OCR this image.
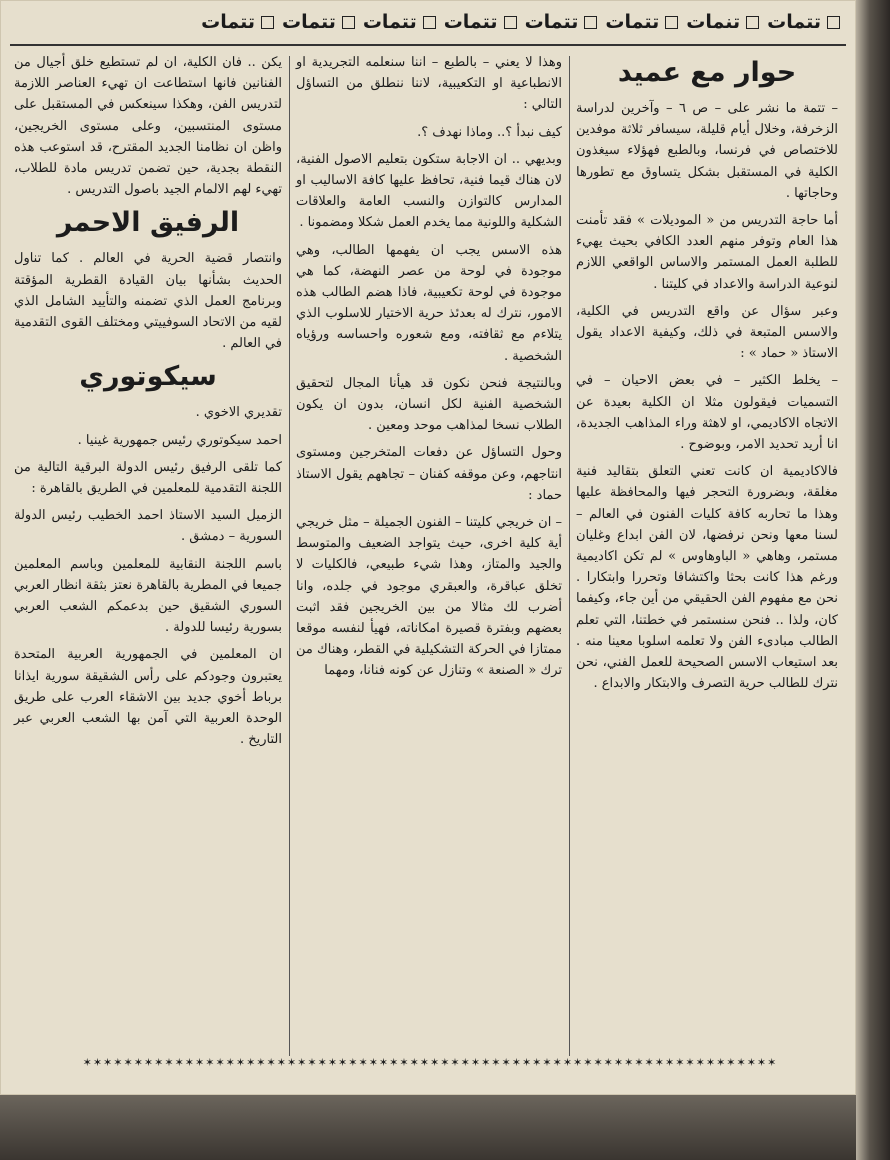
تتمات
تنمات
تتمات
تتمات
تتمات
تتمات
تتمات
تتمات
حوار مع عميد

– تتمة ما نشر على – ص ٦ – وآخرين لدراسة الزخرفة، وخلال أيام قليلة، سيسافر ثلاثة موفدين للاختصاص في فرنسا، وبالطبع فهؤلاء سيغذون الكلية في المستقبل بشكل يتساوق مع تطورها وحاجاتها .

أما حاجة التدريس من « الموديلات » فقد تأمنت هذا العام وتوفر منهم العدد الكافي بحيث يهيء للطلبة العمل المستمر والاساس الواقعي اللازم لنوعية الدراسة والاعداد في كليتنا .

وعبر سؤال عن واقع التدريس في الكلية، والاسس المتبعة في ذلك، وكيفية الاعداد يقول الاستاذ « حماد » :

– يخلط الكثير – في بعض الاحيان – في التسميات فيقولون مثلا ان الكلية بعيدة عن الاتجاه الاكاديمي، او لاهثة وراء المذاهب الجديدة، انا أريد تحديد الامر، وبوضوح .

فالاكاديمية ان كانت تعني التعلق بتقاليد فنية مغلقة، وبضرورة التحجر فيها والمحافظة عليها وهذا ما تحاربه كافة كليات الفنون في العالم – لسنا معها ونحن نرفضها، لان الفن ابداع وغليان مستمر، وهاهي « الباوهاوس » لم تكن اكاديمية ورغم هذا كانت بحثا واكتشافا وتحررا وابتكارا . نحن مع مفهوم الفن الحقيقي من أين جاء، وكيفما كان، ولذا .. فنحن سنستمر في خطتنا، التي تعلم الطالب مبادىء الفن ولا تعلمه اسلوبا معينا منه . بعد استيعاب الاسس الصحيحة للعمل الفني، نحن نترك للطالب حرية التصرف والابتكار والابداع .

وهذا لا يعني – بالطبع – اننا سنعلمه التجريدية او الانطباعية او التكعيبية، لاننا ننطلق من التساؤل التالي :

كيف نبدأ ؟.. وماذا نهدف ؟.

وبديهي .. ان الاجابة ستكون بتعليم الاصول الفنية، لان هناك قيما فنية، تحافظ عليها كافة الاساليب او المدارس كالتوازن والنسب العامة والعلاقات الشكلية واللونية مما يخدم العمل شكلا ومضمونا .

هذه الاسس يجب ان يفهمها الطالب، وهي موجودة في لوحة من عصر النهضة، كما هي موجودة في لوحة تكعيبية، فاذا هضم الطالب هذه الامور، نترك له بعدئذ حرية الاختيار للاسلوب الذي يتلاءم مع ثقافته، ومع شعوره واحساسه ورؤياه الشخصية .

وبالنتيجة فنحن نكون قد هيأنا المجال لتحقيق الشخصية الفنية لكل انسان، بدون ان يكون الطلاب نسخا لمذاهب موحد ومعين .

وحول التساؤل عن دفعات المتخرجين ومستوى انتاجهم، وعن موقفه كفنان – تجاههم يقول الاستاذ حماد :

– ان خريجي كليتنا – الفنون الجميلة – مثل خريجي أية كلية اخرى، حيث يتواجد الضعيف والمتوسط والجيد والمتاز، وهذا شيء طبيعي، فالكليات لا تخلق عباقرة، والعبقري موجود في جلده، وانا أضرب لك مثالا من بين الخريجين فقد اثبت بعضهم وبفترة قصيرة امكاناته، فهيأ لنفسه موقعا ممتازا في الحركة التشكيلية في القطر، وهناك من ترك « الصنعة » وتنازل عن كونه فنانا، ومهما

يكن .. فان الكلية، ان لم تستطيع خلق أجيال من الفنانين فانها استطاعت ان تهيء العناصر اللازمة لتدريس الفن، وهكذا سينعكس في المستقبل على مستوى المنتسبين، وعلى مستوى الخريجين، واظن ان نظامنا الجديد المقترح، قد استوعب هذه النقطة بجدية، حين تضمن تدريس مادة للطلاب، تهيء لهم الالمام الجيد باصول التدريس .

الرفيق الاحمر

وانتصار قضية الحرية في العالم . كما تناول الحديث بشأنها بيان القيادة القطرية المؤقتة وبرنامج العمل الذي تضمنه والتأييد الشامل الذي لقيه من الاتحاد السوفييتي ومختلف القوى التقدمية في العالم .

سيكوتوري

تقديري الاخوي .

احمد سيكوتوري رئيس جمهورية غينيا .

كما تلقى الرفيق رئيس الدولة البرقية التالية من اللجنة التقدمية للمعلمين في الطريق بالقاهرة :

الزميل السيد الاستاذ احمد الخطيب رئيس الدولة السورية – دمشق .

باسم اللجنة النقابية للمعلمين وباسم المعلمين جميعا في المطرية بالقاهرة نعتز بثقة انظار العربي السوري الشقيق حين بدعمكم الشعب العربي بسورية رئيسا للدولة .

ان المعلمين في الجمهورية العربية المتحدة يعتبرون وجودكم على رأس الشقيقة سورية ايذانا برباط أخوي جديد بين الاشقاء العرب على طريق الوحدة العربية التي آمن بها الشعب العربي عبر التاريخ .

✶✶✶✶✶✶✶✶✶✶✶✶✶✶✶✶✶✶✶✶✶✶✶✶✶✶✶✶✶✶✶✶✶✶✶✶✶✶✶✶✶✶✶✶✶✶✶✶✶✶✶✶✶✶✶✶✶✶✶✶✶✶✶✶✶✶✶✶
